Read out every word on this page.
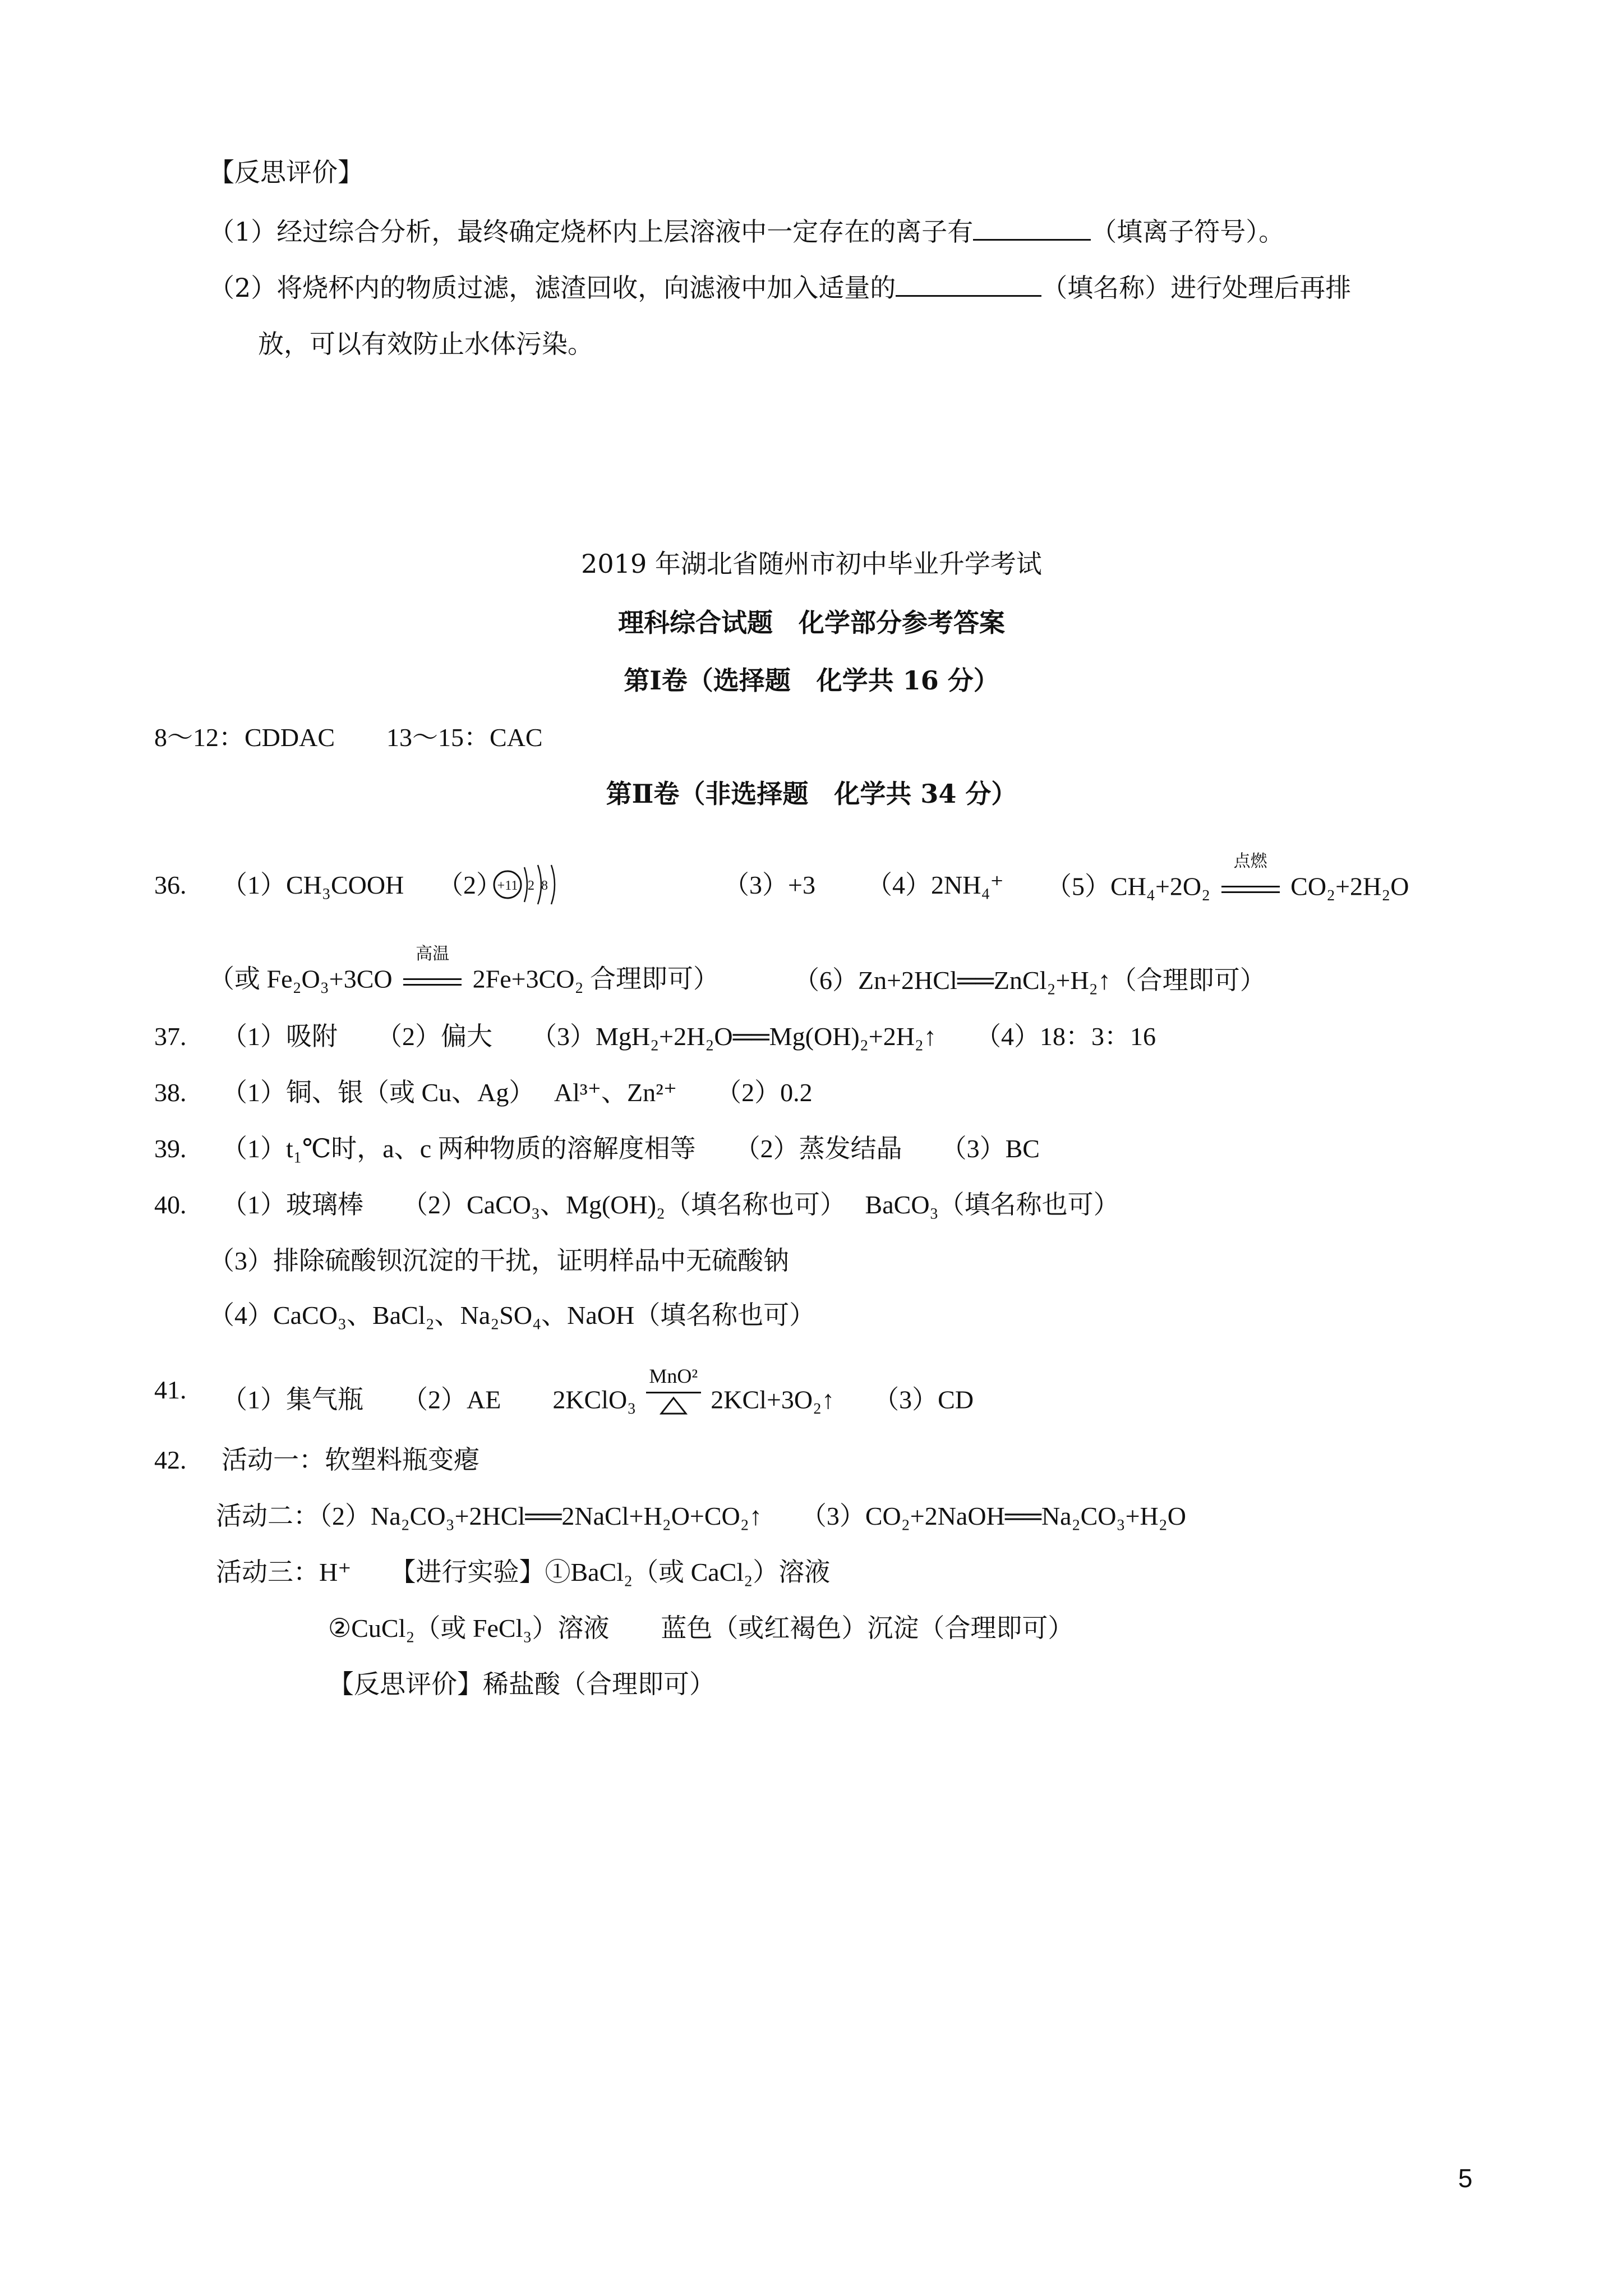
【反思评价】
（1）经过综合分析，最终确定烧杯内上层溶液中一定存在的离子有	（填离子符号）。
（2）将烧杯内的物质过滤，滤渣回收，向滤液中加入适量的	（填名称）进行处理后再排
放，可以有效防止水体污染。
2019 年湖北省随州市初中毕业升学考试
理科综合试题　化学部分参考答案
第Ⅰ卷（选择题　化学共 16 分）
8～12：CDDAC　　13～15：CAC
第Ⅱ卷（非选择题　化学共 34 分）
36. （1）CH₃COOH （2）
+11 2 8	（3）+3 （4）2NH₄⁺ （5）CH₄+2O₂
点燃
CO₂+2H₂O
（或 Fe₂O₃+3CO
高温
2Fe+3CO₂ 合理即可）	（6）Zn+2HCl══ZnCl₂+H₂↑（合理即可）
37. （1）吸附　　（2）偏大　　（3）MgH₂+2H₂O══Mg(OH)₂+2H₂↑　　（4）18：3：16
38. （1）铜、银（或 Cu、Ag）　 Al³⁺、Zn²⁺　　（2）0.2
39. （1）t₁℃时，a、c 两种物质的溶解度相等　　（2）蒸发结晶　　（3）BC
40. （1）玻璃棒　　（2）CaCO₃、Mg(OH)₂（填名称也可）　 BaCO₃（填名称也可）
（3）排除硫酸钡沉淀的干扰，证明样品中无硫酸钠
（4）CaCO₃、BaCl₂、Na₂SO₄、NaOH（填名称也可）
41. （1）集气瓶　　（2）AE　　2KClO₃
MnO²
2KCl+3O₂↑　　（3）CD
42. 活动一：软塑料瓶变瘪
活动二：（2）Na₂CO₃+2HCl══2NaCl+H₂O+CO₂↑　　（3）CO₂+2NaOH══Na₂CO₃+H₂O
活动三：H⁺　　【进行实验】①BaCl₂（或 CaCl₂）溶液
②CuCl₂（或 FeCl₃）溶液　　蓝色（或红褐色）沉淀（合理即可）
【反思评价】稀盐酸（合理即可）
5
